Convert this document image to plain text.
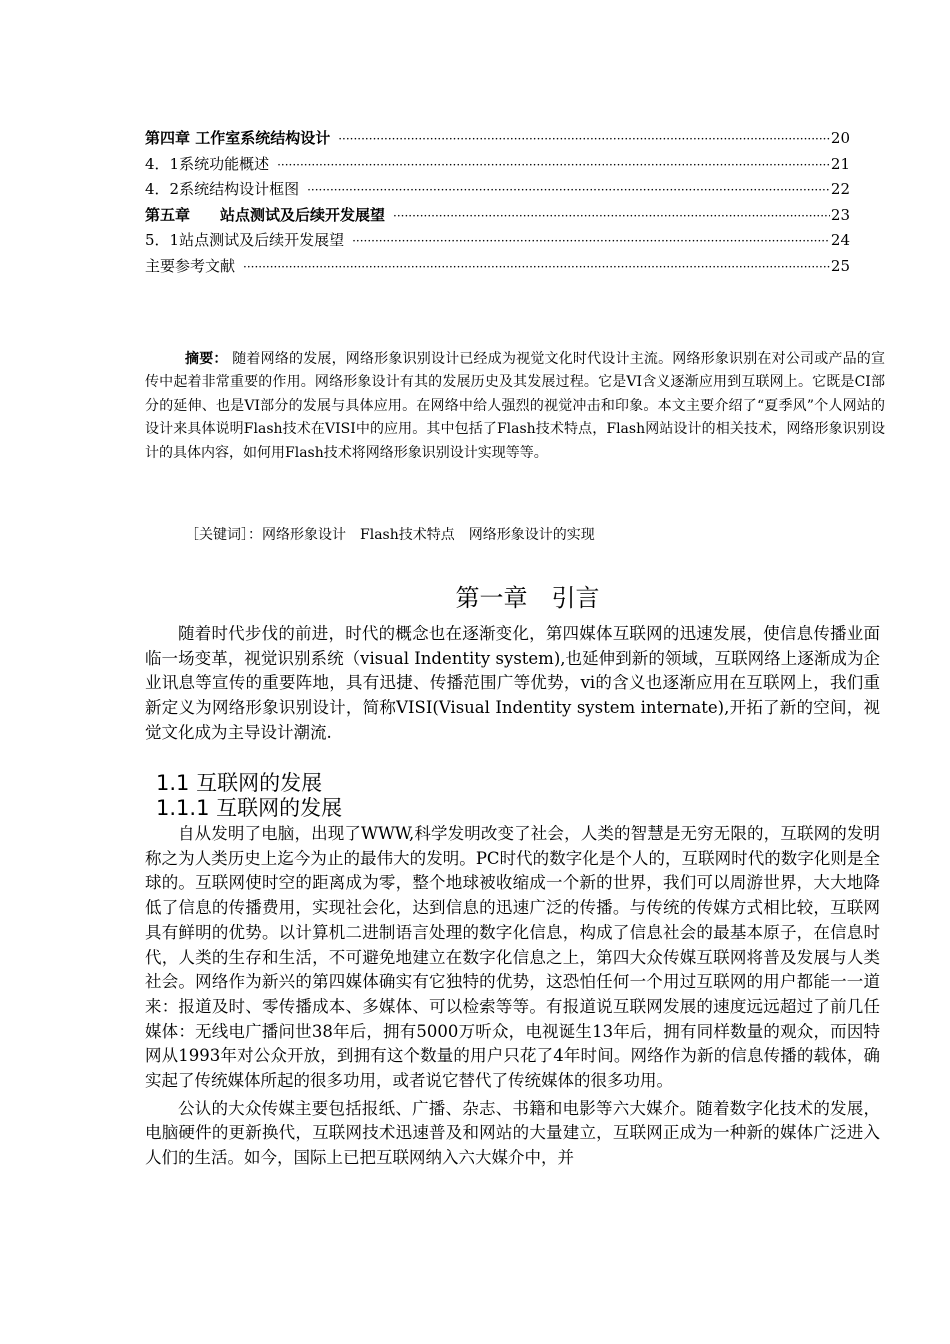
第四章 工作室系统结构设计 ·····	20
4．1系统功能概述 ·····	21
4．2系统结构设计框图 ·····	22
第五章　　站点测试及后续开发展望 ·····	23
5．1站点测试及后续开发展望 ·····	24
主要参考文献 ·····	25

摘要： 随着网络的发展，网络形象识别设计已经成为视觉文化时代设计主流。网络形象识别在对公司或产品的宣传中起着非常重要的作用。网络形象设计有其的发展历史及其发展过程。它是VI含义逐渐应用到互联网上。它既是CI部分的延伸、也是VI部分的发展与具体应用。在网络中给人强烈的视觉冲击和印象。本文主要介绍了“夏季风”个人网站的设计来具体说明Flash技术在VISI中的应用。其中包括了Flash技术特点，Flash网站设计的相关技术，网络形象识别设计的具体内容，如何用Flash技术将网络形象识别设计实现等等。

［关键词］：网络形象设计　Flash技术特点　网络形象设计的实现
第一章　引言

随着时代步伐的前进，时代的概念也在逐渐变化，第四媒体互联网的迅速发展，使信息传播业面临一场变革，视觉识别系统（visual Indentity system),也延伸到新的领域，互联网络上逐渐成为企业讯息等宣传的重要阵地，具有迅捷、传播范围广等优势，vi的含义也逐渐应用在互联网上，我们重新定义为网络形象识别设计，简称VISI(Visual Indentity system internate),开拓了新的空间，视觉文化成为主导设计潮流.

1.1 互联网的发展
1.1.1 互联网的发展

自从发明了电脑，出现了WWW,科学发明改变了社会，人类的智慧是无穷无限的，互联网的发明称之为人类历史上迄今为止的最伟大的发明。PC时代的数字化是个人的，互联网时代的数字化则是全球的。互联网使时空的距离成为零，整个地球被收缩成一个新的世界，我们可以周游世界，大大地降低了信息的传播费用，实现社会化，达到信息的迅速广泛的传播。与传统的传媒方式相比较，互联网具有鲜明的优势。以计算机二进制语言处理的数字化信息，构成了信息社会的最基本原子，在信息时代，人类的生存和生活，不可避免地建立在数字化信息之上，第四大众传媒互联网将普及发展与人类社会。网络作为新兴的第四媒体确实有它独特的优势，这恐怕任何一个用过互联网的用户都能一一道来：报道及时、零传播成本、多媒体、可以检索等等。有报道说互联网发展的速度远远超过了前几任媒体：无线电广播问世38年后，拥有5000万听众，电视诞生13年后，拥有同样数量的观众，而因特网从1993年对公众开放，到拥有这个数量的用户只花了4年时间。网络作为新的信息传播的载体，确实起了传统媒体所起的很多功用，或者说它替代了传统媒体的很多功用。

公认的大众传媒主要包括报纸、广播、杂志、书籍和电影等六大媒介。随着数字化技术的发展，电脑硬件的更新换代，互联网技术迅速普及和网站的大量建立，互联网正成为一种新的媒体广泛进入人们的生活。如今，国际上已把互联网纳入六大媒介中，并
